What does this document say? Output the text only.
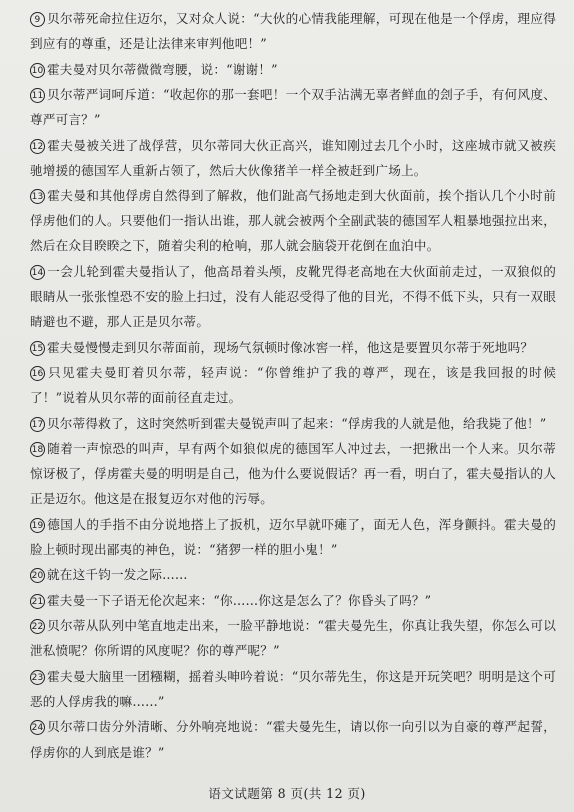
9 贝尔蒂死命拉住迈尔，又对众人说：“大伙的心情我能理解，可现在他是一个俘虏，理应得到应有的尊重，还是让法律来审判他吧！”

10 霍夫曼对贝尔蒂微微弯腰，说：“谢谢！”

11 贝尔蒂严词呵斥道：“收起你的那一套吧！一个双手沾满无辜者鲜血的刽子手，有何风度、尊严可言？”

12 霍夫曼被关进了战俘营，贝尔蒂同大伙正高兴，谁知刚过去几个小时，这座城市就又被疾驰增援的德国军人重新占领了，然后大伙像猪羊一样全被赶到广场上。

13 霍夫曼和其他俘虏自然得到了解救，他们趾高气扬地走到大伙面前，挨个指认几个小时前俘虏他们的人。只要他们一指认出谁，那人就会被两个全副武装的德国军人粗暴地强拉出来，然后在众目睽睽之下，随着尖利的枪响，那人就会脑袋开花倒在血泊中。

14 一会儿轮到霍夫曼指认了，他高昂着头颅，皮靴咒得老高地在大伙面前走过，一双狼似的眼睛从一张张惶恐不安的脸上扫过，没有人能忍受得了他的目光，不得不低下头，只有一双眼睛避也不避，那人正是贝尔蒂。

15 霍夫曼慢慢走到贝尔蒂面前，现场气氛顿时像冰窖一样，他这是要置贝尔蒂于死地吗？

16 只见霍夫曼盯着贝尔蒂，轻声说：“你曾维护了我的尊严，现在，该是我回报的时候了！”说着从贝尔蒂的面前径直走过。

17 贝尔蒂得救了，这时突然听到霍夫曼锐声叫了起来：“俘虏我的人就是他，给我毙了他！”

18 随着一声惊恐的叫声，早有两个如狼似虎的德国军人冲过去，一把揪出一个人来。贝尔蒂惊讶极了，俘虏霍夫曼的明明是自己，他为什么要说假话？再一看，明白了，霍夫曼指认的人正是迈尔。他这是在报复迈尔对他的污辱。

19 德国人的手指不由分说地搭上了扳机，迈尔早就吓瘫了，面无人色，浑身颤抖。霍夫曼的脸上顿时现出鄙夷的神色，说：“猪猡一样的胆小鬼！”

20 就在这千钧一发之际……

21 霍夫曼一下子语无伦次起来：“你……你这是怎么了？你昏头了吗？”

22 贝尔蒂从队列中笔直地走出来，一脸平静地说：“霍夫曼先生，你真让我失望，你怎么可以泄私愤呢？你所谓的风度呢？你的尊严呢？”

23 霍夫曼大脑里一团糨糊，摇着头呻吟着说：“贝尔蒂先生，你这是开玩笑吧？明明是这个可恶的人俘虏我的嘛……”

24 贝尔蒂口齿分外清晰、分外响亮地说：“霍夫曼先生，请以你一向引以为自豪的尊严起誓，俘虏你的人到底是谁？”

语文试题第 8 页(共 12 页)
